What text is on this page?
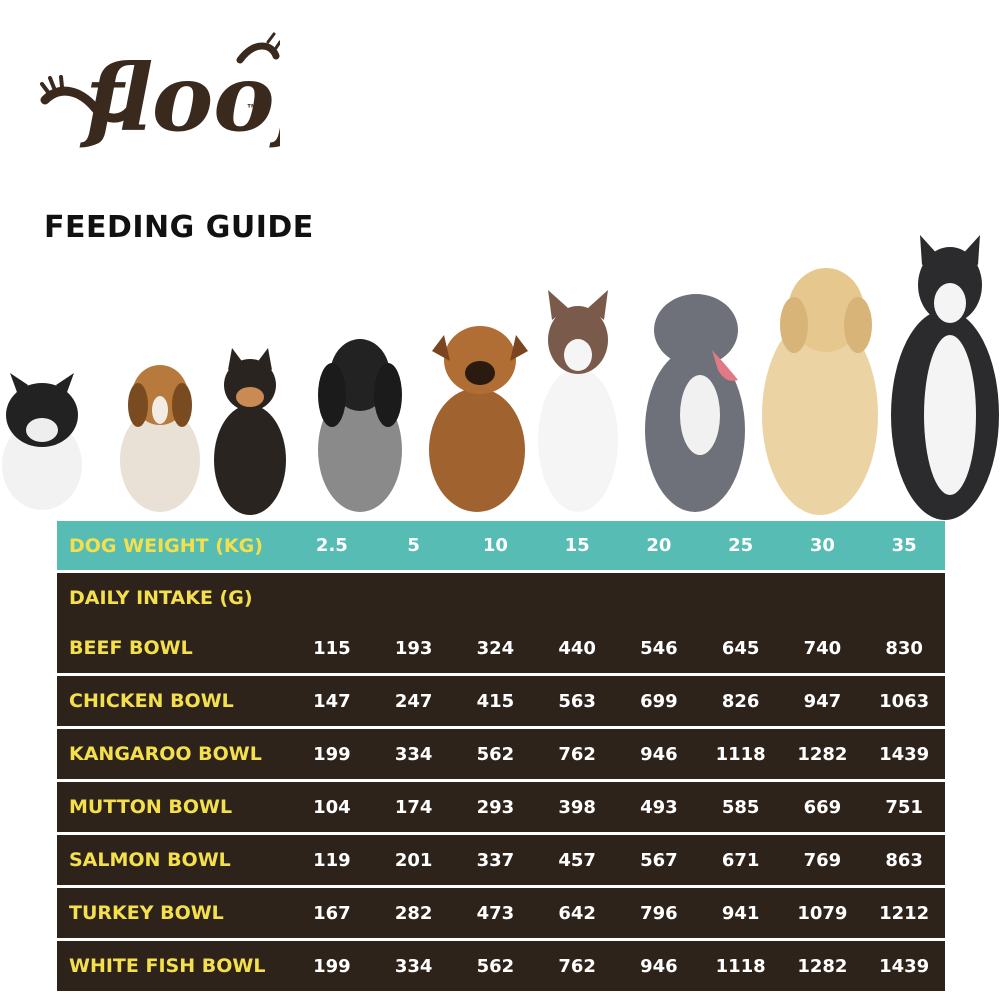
floo
™
FEEDING GUIDE
DOG WEIGHT (KG)	2.5	5	10	15	20	25	30	35
DAILY INTAKE (G)
BEEF BOWL	115	193	324	440	546	645	740	830
CHICKEN BOWL	147	247	415	563	699	826	947	1063
KANGAROO BOWL	199	334	562	762	946	1118	1282	1439
MUTTON BOWL	104	174	293	398	493	585	669	751
SALMON BOWL	119	201	337	457	567	671	769	863
TURKEY BOWL	167	282	473	642	796	941	1079	1212
WHITE FISH BOWL	199	334	562	762	946	1118	1282	1439
